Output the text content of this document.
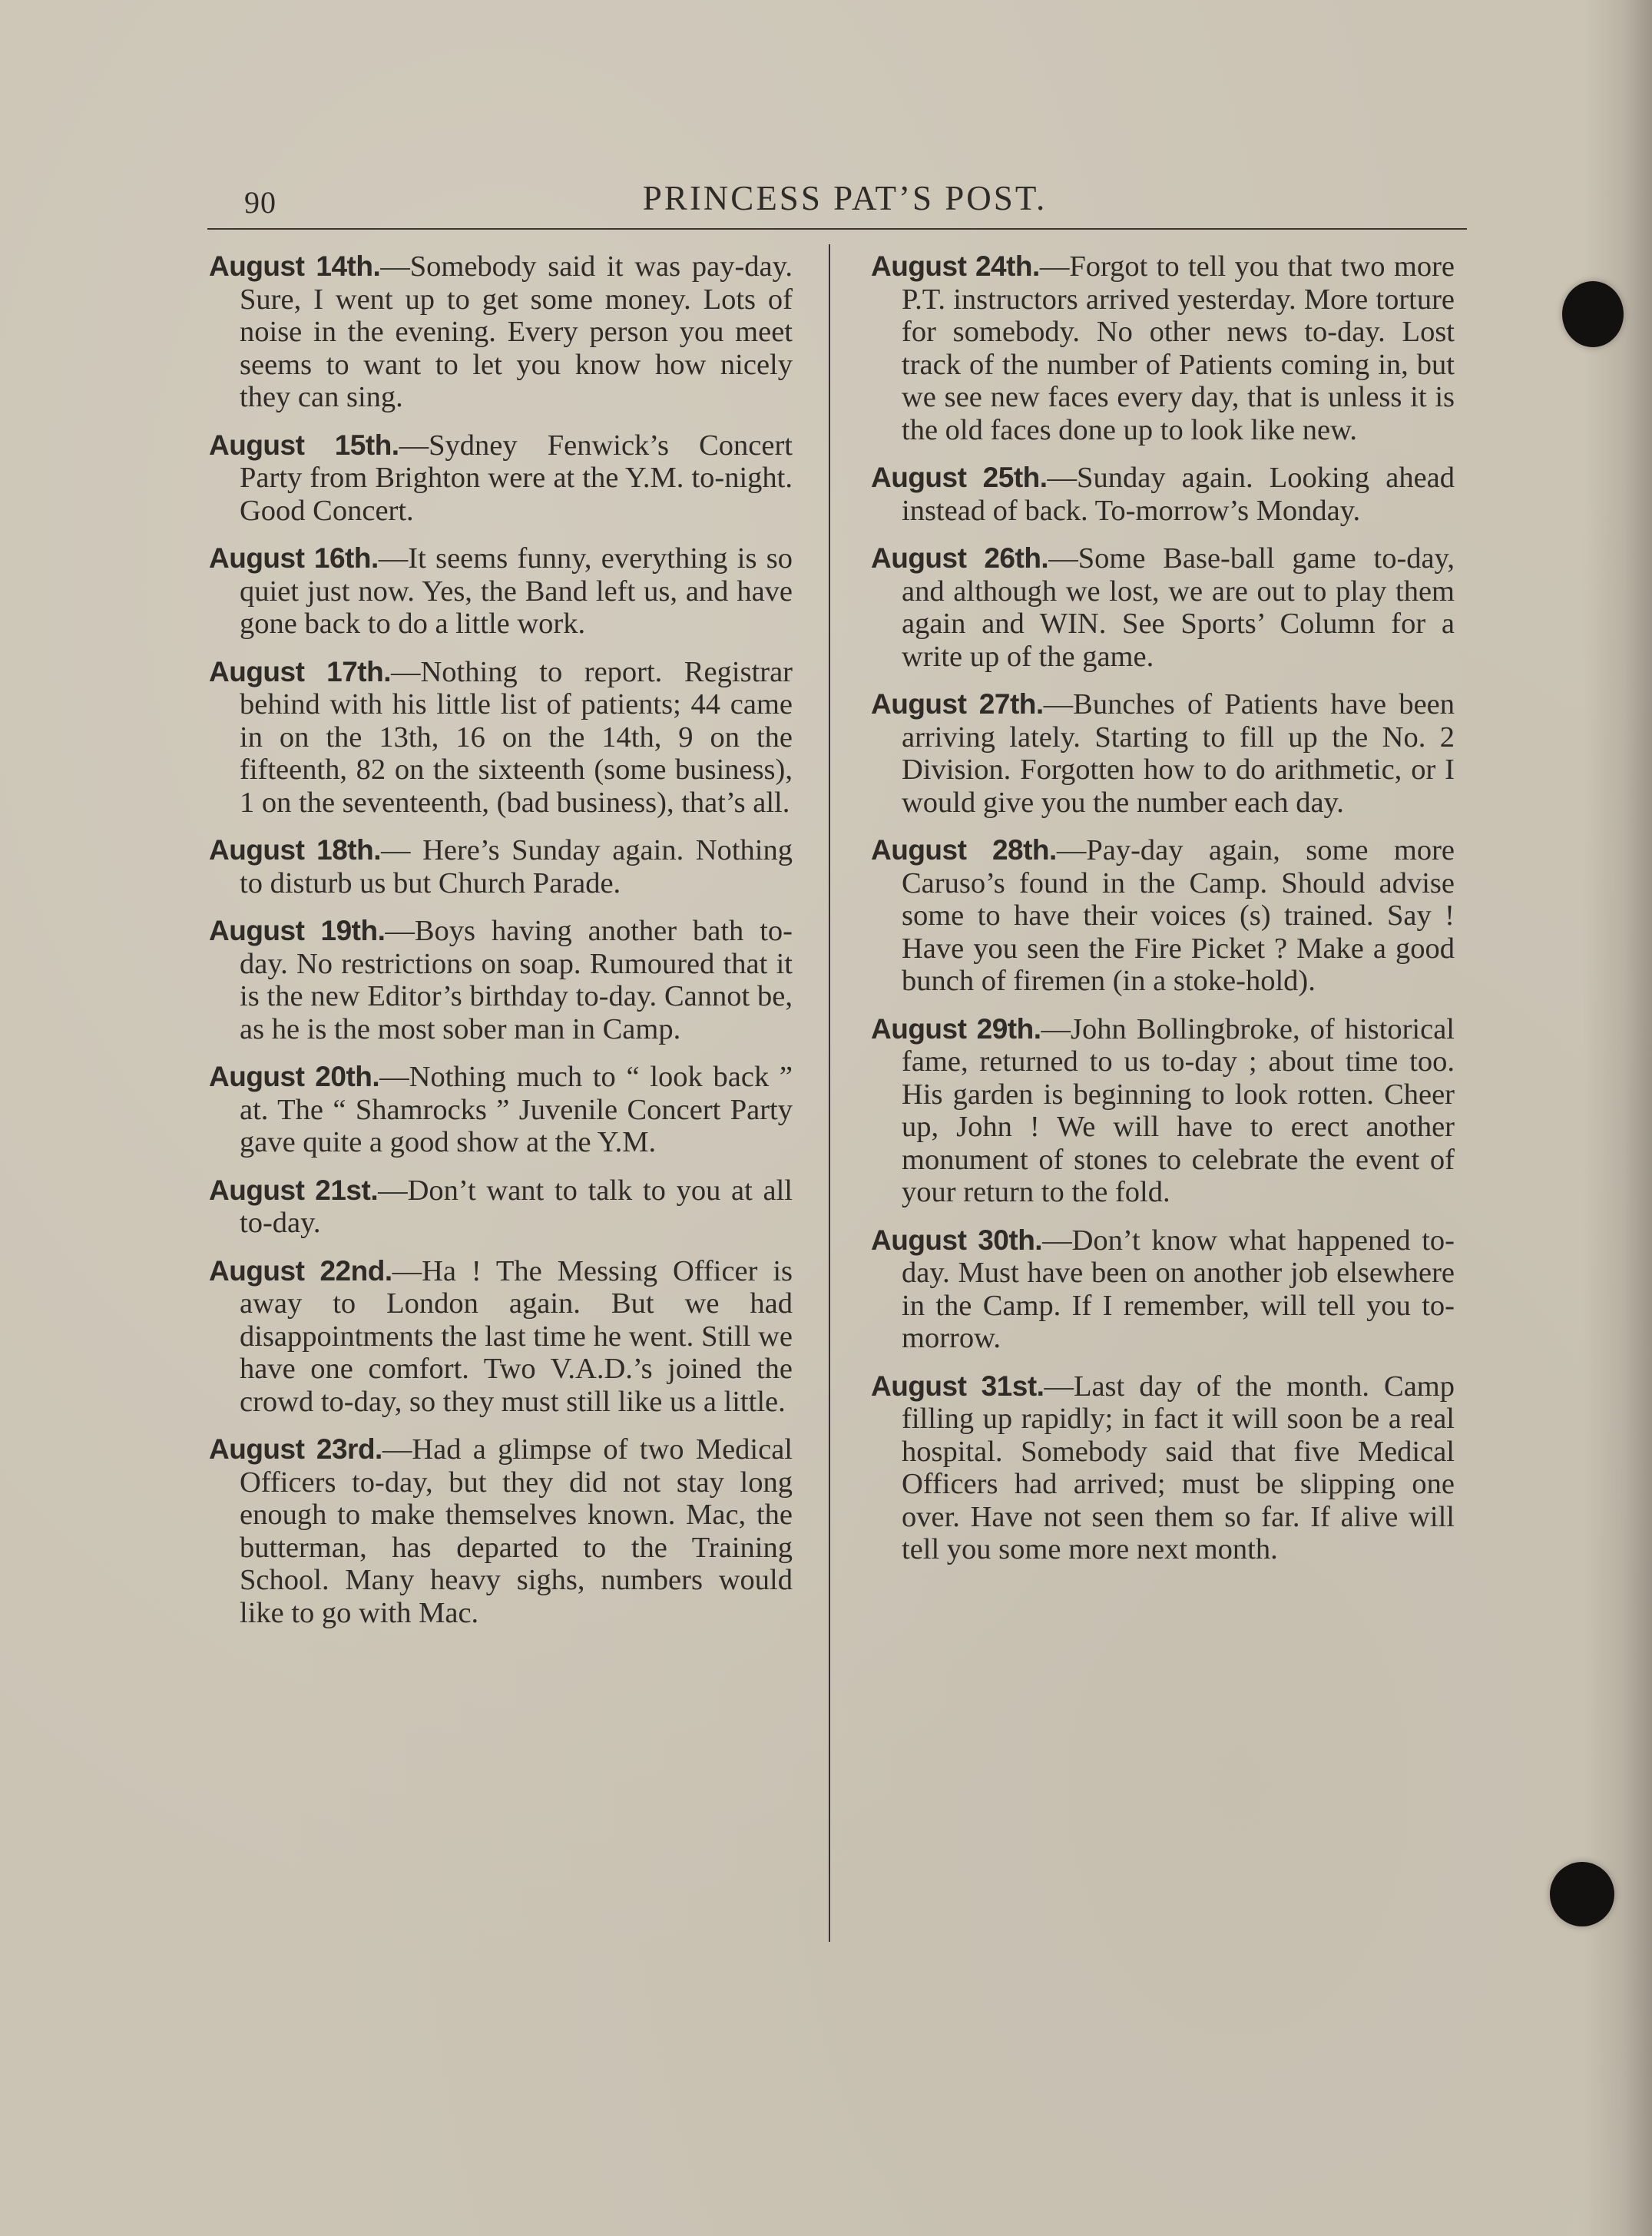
90	PRINCESS PAT’S POST.

August 14th.—Somebody said it was pay-day. Sure, I went up to get some money. Lots of noise in the evening. Every person you meet seems to want to let you know how nicely they can sing.

August 15th.—Sydney Fenwick’s Concert Party from Brighton were at the Y.M. to-night. Good Concert.

August 16th.—It seems funny, everything is so quiet just now. Yes, the Band left us, and have gone back to do a little work.

August 17th.—Nothing to report. Registrar behind with his little list of patients; 44 came in on the 13th, 16 on the 14th, 9 on the fifteenth, 82 on the sixteenth (some business), 1 on the seventeenth, (bad business), that’s all.

August 18th.— Here’s Sunday again. Nothing to disturb us but Church Parade.

August 19th.—Boys having another bath to-day. No restrictions on soap. Rumoured that it is the new Editor’s birthday to-day. Cannot be, as he is the most sober man in Camp.

August 20th.—Nothing much to “ look back ” at. The “ Shamrocks ” Juvenile Concert Party gave quite a good show at the Y.M.

August 21st.—Don’t want to talk to you at all to-day.

August 22nd.—Ha ! The Messing Officer is away to London again. But we had disappointments the last time he went. Still we have one comfort. Two V.A.D.’s joined the crowd to-day, so they must still like us a little.

August 23rd.—Had a glimpse of two Medical Officers to-day, but they did not stay long enough to make themselves known. Mac, the butterman, has departed to the Training School. Many heavy sighs, numbers would like to go with Mac.

August 24th.—Forgot to tell you that two more P.T. instructors arrived yesterday. More torture for somebody. No other news to-day. Lost track of the number of Patients coming in, but we see new faces every day, that is unless it is the old faces done up to look like new.

August 25th.—Sunday again. Looking ahead instead of back. To-morrow’s Monday.

August 26th.—Some Base-ball game to-day, and although we lost, we are out to play them again and WIN. See Sports’ Column for a write up of the game.

August 27th.—Bunches of Patients have been arriving lately. Starting to fill up the No. 2 Division. Forgotten how to do arithmetic, or I would give you the number each day.

August 28th.—Pay-day again, some more Caruso’s found in the Camp. Should advise some to have their voices (s) trained. Say ! Have you seen the Fire Picket ? Make a good bunch of firemen (in a stoke-hold).

August 29th.—John Bollingbroke, of historical fame, returned to us to-day ; about time too. His garden is beginning to look rotten. Cheer up, John ! We will have to erect another monument of stones to celebrate the event of your return to the fold.

August 30th.—Don’t know what happened to-day. Must have been on another job elsewhere in the Camp. If I remember, will tell you to-morrow.

August 31st.—Last day of the month. Camp filling up rapidly; in fact it will soon be a real hospital. Somebody said that five Medical Officers had arrived; must be slipping one over. Have not seen them so far. If alive will tell you some more next month.
